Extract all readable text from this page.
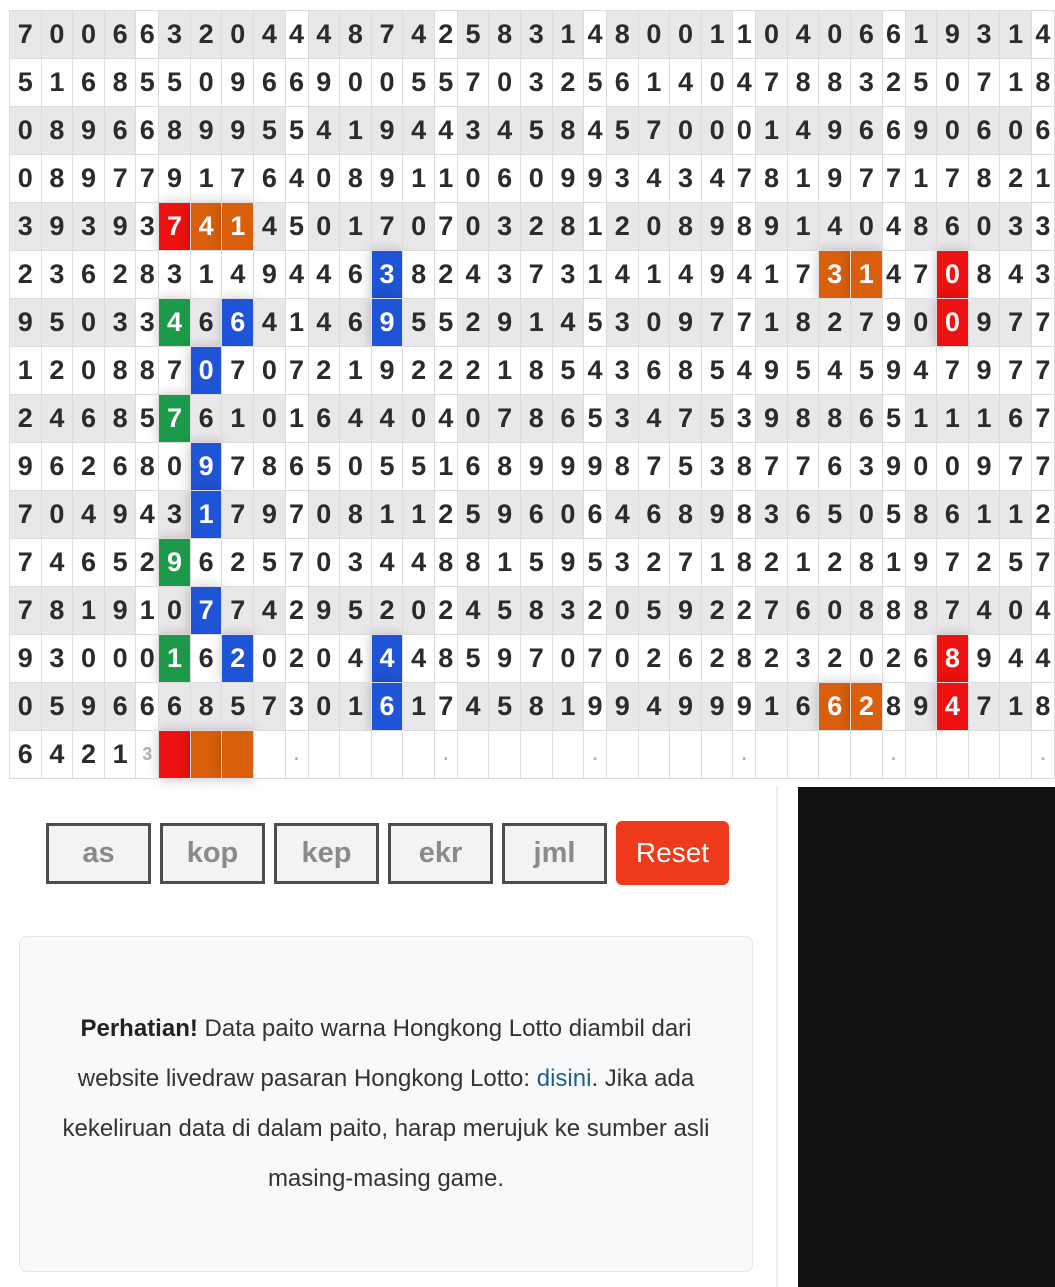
7	0	0	6	6	3	2	0	4	4	4	8	7	4	2	5	8	3	1	4	8	0	0	1	1	0	4	0	6	6	1	9	3	1	4
5	1	6	8	5	5	0	9	6	6	9	0	0	5	5	7	0	3	2	5	6	1	4	0	4	7	8	8	3	2	5	0	7	1	8
0	8	9	6	6	8	9	9	5	5	4	1	9	4	4	3	4	5	8	4	5	7	0	0	0	1	4	9	6	6	9	0	6	0	6
0	8	9	7	7	9	1	7	6	4	0	8	9	1	1	0	6	0	9	9	3	4	3	4	7	8	1	9	7	7	1	7	8	2	1
3	9	3	9	3	7	4	1	4	5	0	1	7	0	7	0	3	2	8	1	2	0	8	9	8	9	1	4	0	4	8	6	0	3	3
2	3	6	2	8	3	1	4	9	4	4	6	3	8	2	4	3	7	3	1	4	1	4	9	4	1	7	3	1	4	7	0	8	4	3
9	5	0	3	3	4	6	6	4	1	4	6	9	5	5	2	9	1	4	5	3	0	9	7	7	1	8	2	7	9	0	0	9	7	7
1	2	0	8	8	7	0	7	0	7	2	1	9	2	2	2	1	8	5	4	3	6	8	5	4	9	5	4	5	9	4	7	9	7	7
2	4	6	8	5	7	6	1	0	1	6	4	4	0	4	0	7	8	6	5	3	4	7	5	3	9	8	8	6	5	1	1	1	6	7
9	6	2	6	8	0	9	7	8	6	5	0	5	5	1	6	8	9	9	9	8	7	5	3	8	7	7	6	3	9	0	0	9	7	7
7	0	4	9	4	3	1	7	9	7	0	8	1	1	2	5	9	6	0	6	4	6	8	9	8	3	6	5	0	5	8	6	1	1	2
7	4	6	5	2	9	6	2	5	7	0	3	4	4	8	8	1	5	9	5	3	2	7	1	8	2	1	2	8	1	9	7	2	5	7
7	8	1	9	1	0	7	7	4	2	9	5	2	0	2	4	5	8	3	2	0	5	9	2	2	7	6	0	8	8	8	7	4	0	4
9	3	0	0	0	1	6	2	0	2	0	4	4	4	8	5	9	7	0	7	0	2	6	2	8	2	3	2	0	2	6	8	9	4	4
0	5	9	6	6	6	8	5	7	3	0	1	6	1	7	4	5	8	1	9	9	4	9	9	9	1	6	6	2	8	9	4	7	1	8
6	4	2	1	3					.					.					.					.					.					.
as	kop	kep	ekr	jml	Reset

Perhatian! Data paito warna Hongkong Lotto diambil dari website livedraw pasaran Hongkong Lotto: disini. Jika ada kekeliruan data di dalam paito, harap merujuk ke sumber asli masing-masing game.
